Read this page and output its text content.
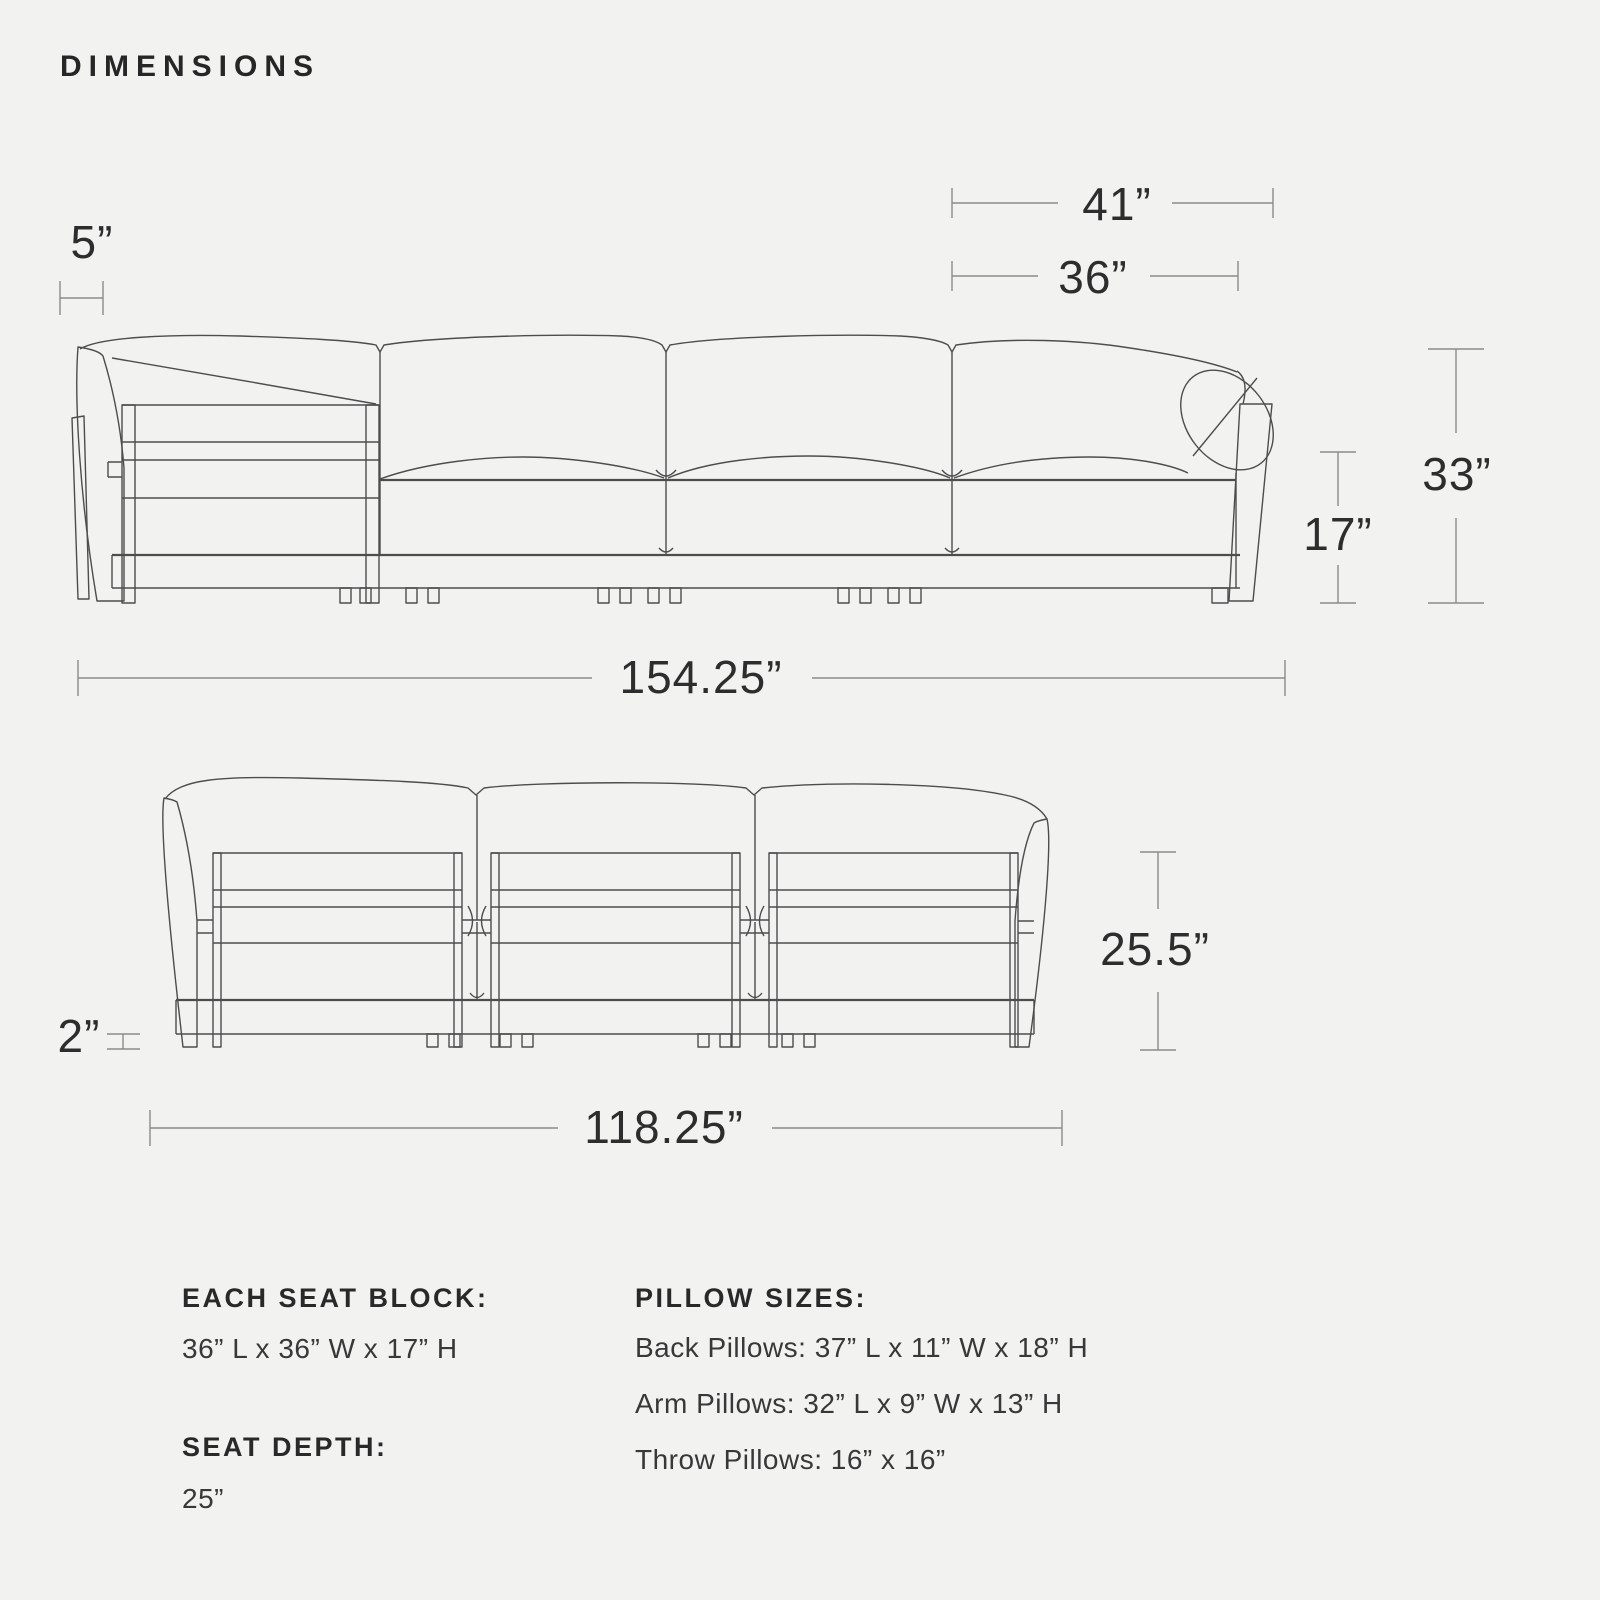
DIMENSIONS
5”
41”
36”
33”
17”
154.25”
25.5”
2”
118.25”
EACH SEAT BLOCK:
36” L x 36” W x 17” H
SEAT DEPTH:
25”
PILLOW SIZES:
Back Pillows: 37” L x 11” W x 18” H
Arm Pillows: 32” L x 9” W x 13” H
Throw Pillows: 16” x 16”
